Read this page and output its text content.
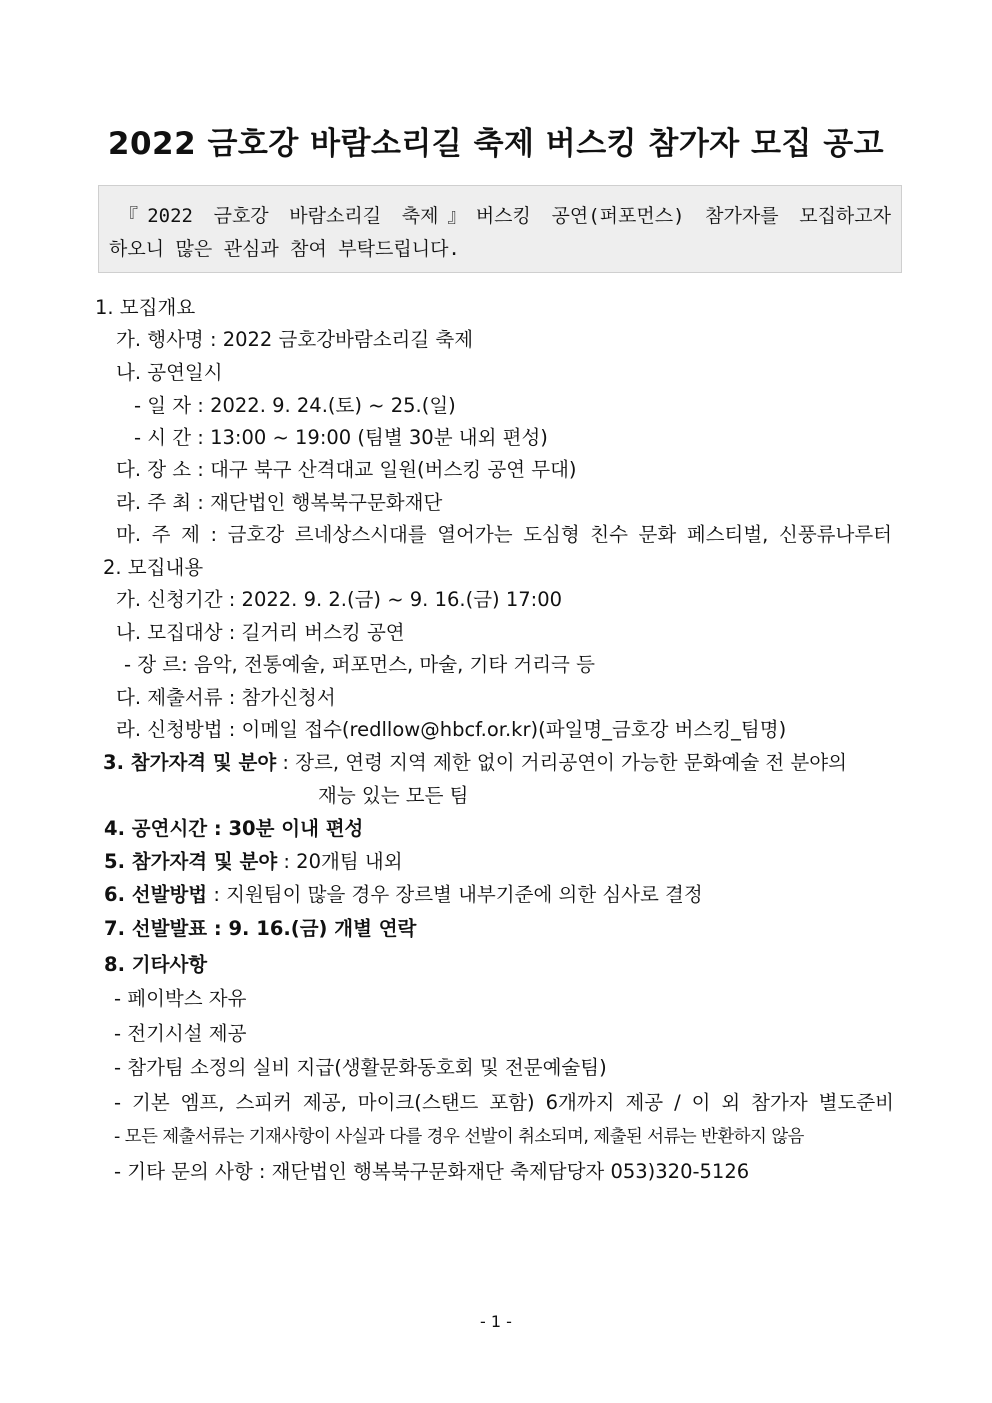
2022 금호강 바람소리길 축제 버스킹 참가자 모집 공고
『2022 금호강 바람소리길 축제』버스킹 공연(퍼포먼스) 참가자를 모집하고자
하오니 많은 관심과 참여 부탁드립니다.
1. 모집개요
가. 행사명 : 2022 금호강바람소리길 축제
나. 공연일시
- 일 자 : 2022. 9. 24.(토) ~ 25.(일)
- 시 간 : 13:00 ~ 19:00 (팀별 30분 내외 편성)
다. 장 소 : 대구 북구 산격대교 일원(버스킹 공연 무대)
라. 주 최 : 재단법인 행복북구문화재단
마. 주 제 : 금호강 르네상스시대를 열어가는 도심형 친수 문화 페스티벌, 신풍류나루터
2. 모집내용
가. 신청기간 : 2022. 9. 2.(금) ~ 9. 16.(금) 17:00
나. 모집대상 : 길거리 버스킹 공연
- 장 르: 음악, 전통예술, 퍼포먼스, 마술, 기타 거리극 등
다. 제출서류 : 참가신청서
라. 신청방법 : 이메일 접수(redllow@hbcf.or.kr)(파일명_금호강 버스킹_팀명)
3. 참가자격 및 분야 : 장르, 연령 지역 제한 없이 거리공연이 가능한 문화예술 전 분야의
재능 있는 모든 팀
4. 공연시간 : 30분 이내 편성
5. 참가자격 및 분야 : 20개팀 내외
6. 선발방법 : 지원팀이 많을 경우 장르별 내부기준에 의한 심사로 결정
7. 선발발표 : 9. 16.(금) 개별 연락
8. 기타사항
- 페이박스 자유
- 전기시설 제공
- 참가팀 소정의 실비 지급(생활문화동호회 및 전문예술팀)
- 기본 엠프, 스피커 제공, 마이크(스탠드 포함) 6개까지 제공 / 이 외 참가자 별도준비
- 모든 제출서류는 기재사항이 사실과 다를 경우 선발이 취소되며, 제출된 서류는 반환하지 않음
- 기타 문의 사항 : 재단법인 행복북구문화재단 축제담당자 053)320-5126
- 1 -
